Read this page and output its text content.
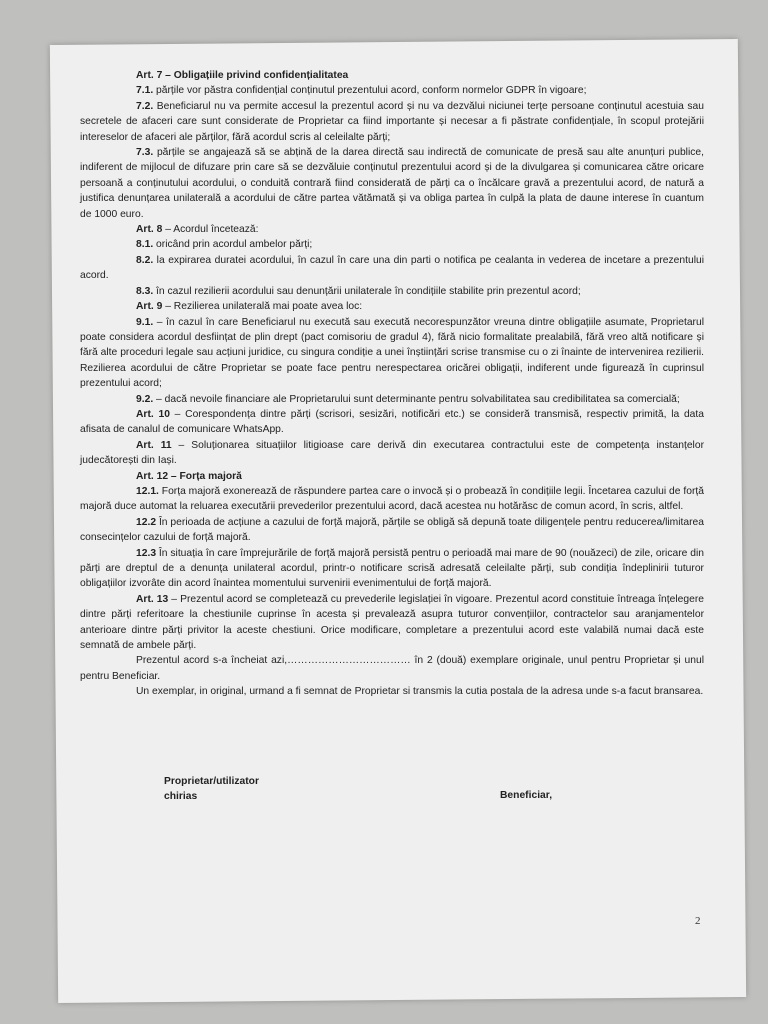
Art. 7 – Obligațiile privind confidențialitatea

7.1. părțile vor păstra confidențial conținutul prezentului acord, conform normelor GDPR în vigoare;

7.2. Beneficiarul nu va permite accesul la prezentul acord și nu va dezvălui niciunei terțe persoane conținutul acestuia sau secretele de afaceri care sunt considerate de Proprietar ca fiind importante și necesar a fi păstrate confidențiale, în scopul protejării intereselor de afaceri ale părților, fără acordul scris al celeilalte părți;

7.3. părțile se angajează să se abțină de la darea directă sau indirectă de comunicate de presă sau alte anunțuri publice, indiferent de mijlocul de difuzare prin care să se dezvăluie conținutul prezentului acord și de la divulgarea și comunicarea către oricare persoană a conținutului acordului, o conduită contrară fiind considerată de părți ca o încălcare gravă a prezentului acord, de natură a justifica denunțarea unilaterală a acordului de către partea vătămată și va obliga partea în culpă la plata de daune interese în cuantum de 1000 euro.

Art. 8 – Acordul încetează:

8.1. oricând prin acordul ambelor părți;

8.2. la expirarea duratei acordului, în cazul în care una din parti o notifica pe cealanta in vederea de incetare a prezentului acord.

8.3. în cazul rezilierii acordului sau denunțării unilaterale în condițiile stabilite prin prezentul acord;

Art. 9 – Rezilierea unilaterală mai poate avea loc:

9.1. – în cazul în care Beneficiarul nu execută sau execută necorespunzător vreuna dintre obligațiile asumate, Proprietarul poate considera acordul desființat de plin drept (pact comisoriu de gradul 4), fără nicio formalitate prealabilă, fără vreo altă notificare și fără alte proceduri legale sau acțiuni juridice, cu singura condiție a unei înștiințări scrise transmise cu o zi înainte de intervenirea rezilierii. Rezilierea acordului de către Proprietar se poate face pentru nerespectarea oricărei obligații, indiferent unde figurează în cuprinsul prezentului acord;

9.2. – dacă nevoile financiare ale Proprietarului sunt determinante pentru solvabilitatea sau credibilitatea sa comercială;

Art. 10 – Corespondența dintre părți (scrisori, sesizări, notificări etc.) se consideră transmisă, respectiv primită, la data afisata de canalul de comunicare WhatsApp.

Art. 11 – Soluționarea situațiilor litigioase care derivă din executarea contractului este de competența instanțelor judecătorești din Iași.

Art. 12 – Forța majoră

12.1. Forța majoră exonerează de răspundere partea care o invocă și o probează în condițiile legii. Încetarea cazului de forță majoră duce automat la reluarea executării prevederilor prezentului acord, dacă acestea nu hotărăsc de comun acord, în scris, altfel.

12.2 În perioada de acțiune a cazului de forță majoră, părțile se obligă să depună toate diligențele pentru reducerea/limitarea consecințelor cazului de forță majoră.

12.3 În situația în care împrejurările de forță majoră persistă pentru o perioadă mai mare de 90 (nouăzeci) de zile, oricare din părți are dreptul de a denunța unilateral acordul, printr-o notificare scrisă adresată celeilalte părți, sub condiția îndeplinirii tuturor obligațiilor izvorâte din acord înaintea momentului survenirii evenimentului de forță majoră.

Art. 13 – Prezentul acord se completează cu prevederile legislației în vigoare. Prezentul acord constituie întreaga înțelegere dintre părți referitoare la chestiunile cuprinse în acesta și prevalează asupra tuturor convențiilor, contractelor sau aranjamentelor anterioare dintre părți privitor la aceste chestiuni. Orice modificare, completare a prezentului acord este valabilă numai dacă este semnată de ambele părți.

Prezentul acord s-a încheiat azi,……………………………… în 2 (două) exemplare originale, unul pentru Proprietar și unul pentru Beneficiar.

Un exemplar, in original, urmand a fi semnat de Proprietar si transmis la cutia postala de la adresa unde s-a facut bransarea.

Proprietar/utilizator
chirias	Beneficiar,
2
